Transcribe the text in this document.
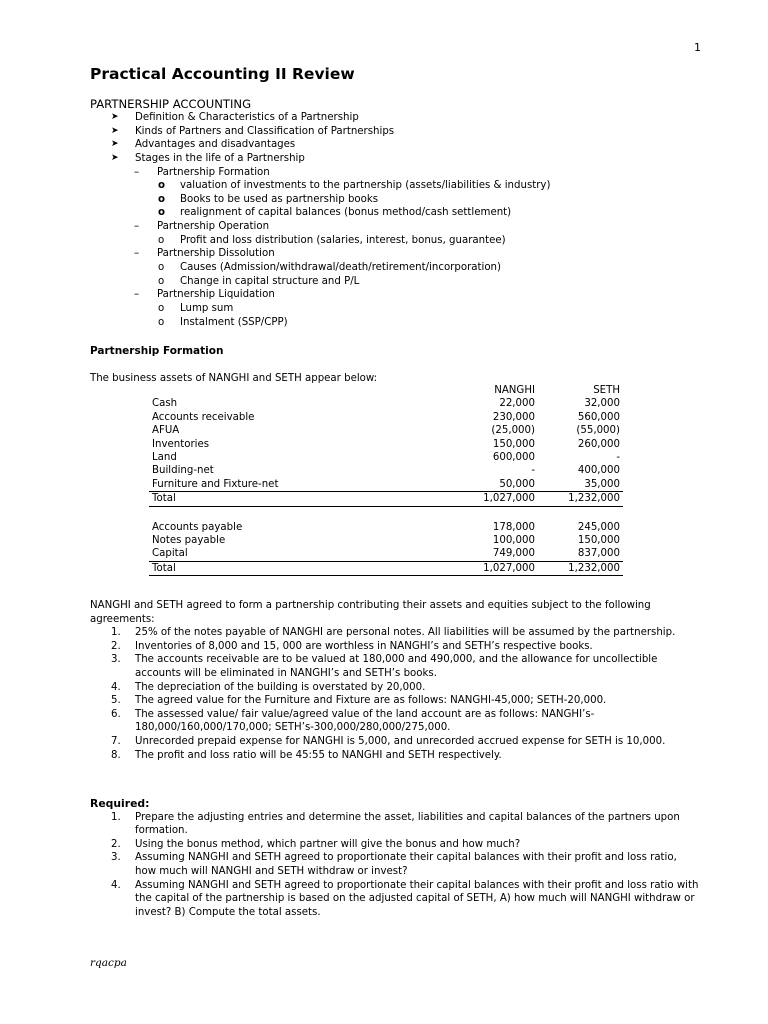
1
Practical Accounting II Review
PARTNERSHIP ACCOUNTING
➤ Definition & Characteristics of a Partnership
➤ Kinds of Partners and Classification of Partnerships
➤ Advantages and disadvantages
➤ Stages in the life of a Partnership
– Partnership Formation
o valuation of investments to the partnership (assets/liabilities & industry)
o Books to be used as partnership books
o realignment of capital balances (bonus method/cash settlement)
– Partnership Operation
o Profit and loss distribution (salaries, interest, bonus, guarantee)
– Partnership Dissolution
o Causes (Admission/withdrawal/death/retirement/incorporation)
o Change in capital structure and P/L
– Partnership Liquidation
o Lump sum
o Instalment (SSP/CPP)
Partnership Formation
The business assets of NANGHI and SETH appear below:
	NANGHI	SETH
Cash	22,000	32,000
Accounts receivable	230,000	560,000
AFUA	(25,000)	(55,000)
Inventories	150,000	260,000
Land	600,000	-
Building-net	-	400,000
Furniture and Fixture-net	50,000	35,000
Total	1,027,000	1,232,000

Accounts payable	178,000	245,000
Notes payable	100,000	150,000
Capital	749,000	837,000
Total	1,027,000	1,232,000
NANGHI and SETH agreed to form a partnership contributing their assets and equities subject to the following agreements:
1. 25% of the notes payable of NANGHI are personal notes. All liabilities will be assumed by the partnership.
2. Inventories of 8,000 and 15, 000 are worthless in NANGHI’s and SETH’s respective books.
3. The accounts receivable are to be valued at 180,000 and 490,000, and the allowance for uncollectible accounts will be eliminated in NANGHI’s and SETH’s books.
4. The depreciation of the building is overstated by 20,000.
5. The agreed value for the Furniture and Fixture are as follows: NANGHI-45,000; SETH-20,000.
6. The assessed value/ fair value/agreed value of the land account are as follows: NANGHI’s-180,000/160,000/170,000; SETH’s-300,000/280,000/275,000.
7. Unrecorded prepaid expense for NANGHI is 5,000, and unrecorded accrued expense for SETH is 10,000.
8. The profit and loss ratio will be 45:55 to NANGHI and SETH respectively.
Required:
1. Prepare the adjusting entries and determine the asset, liabilities and capital balances of the partners upon formation.
2. Using the bonus method, which partner will give the bonus and how much?
3. Assuming NANGHI and SETH agreed to proportionate their capital balances with their profit and loss ratio, how much will NANGHI and SETH withdraw or invest?
4. Assuming NANGHI and SETH agreed to proportionate their capital balances with their profit and loss ratio with the capital of the partnership is based on the adjusted capital of SETH, A) how much will NANGHI withdraw or invest? B) Compute the total assets.
rqacpa
